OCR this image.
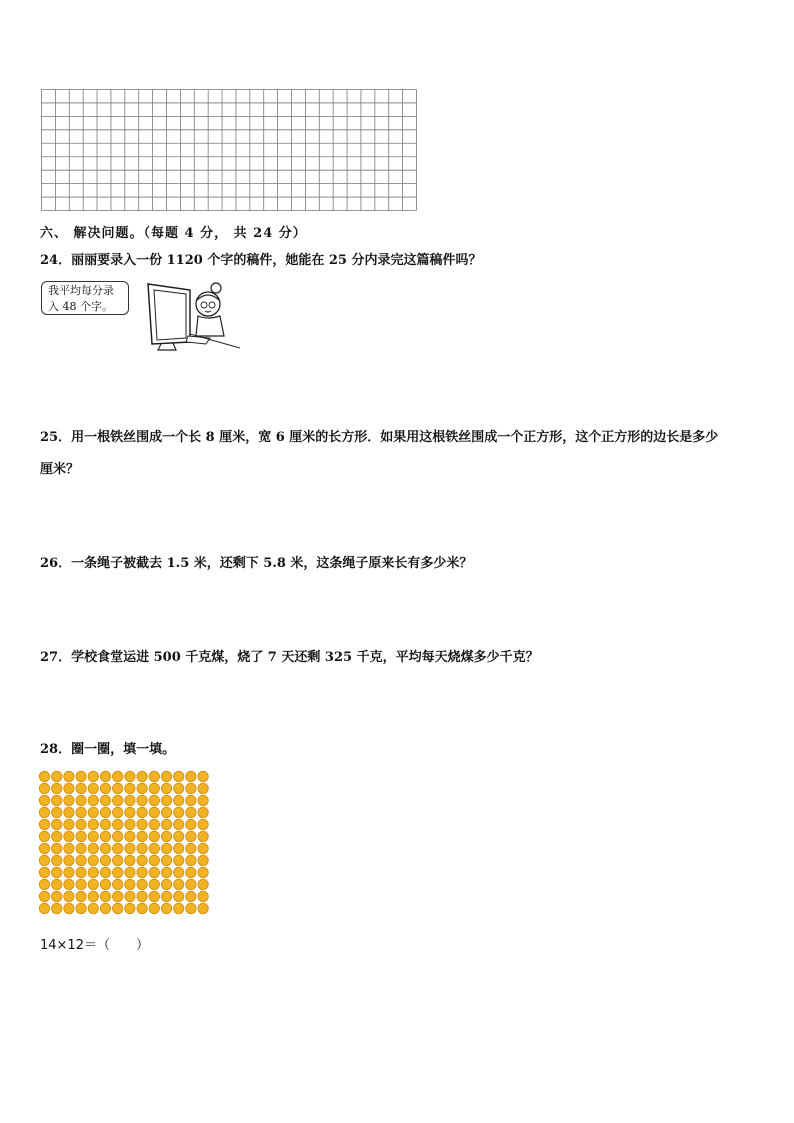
六、 解决问题。（每题 4 分， 共 24 分）
24．丽丽要录入一份 1120 个字的稿件，她能在 25 分内录完这篇稿件吗？
我平均每分录
入 48 个字。
25．用一根铁丝围成一个长 8 厘米，宽 6 厘米的长方形．如果用这根铁丝围成一个正方形，这个正方形的边长是多少
厘米？
26．一条绳子被截去 1.5 米，还剩下 5.8 米，这条绳子原来长有多少米？
27．学校食堂运进 500 千克煤，烧了 7 天还剩 325 千克，平均每天烧煤多少千克？
28．圈一圈，填一填。
14×12＝（　　）
